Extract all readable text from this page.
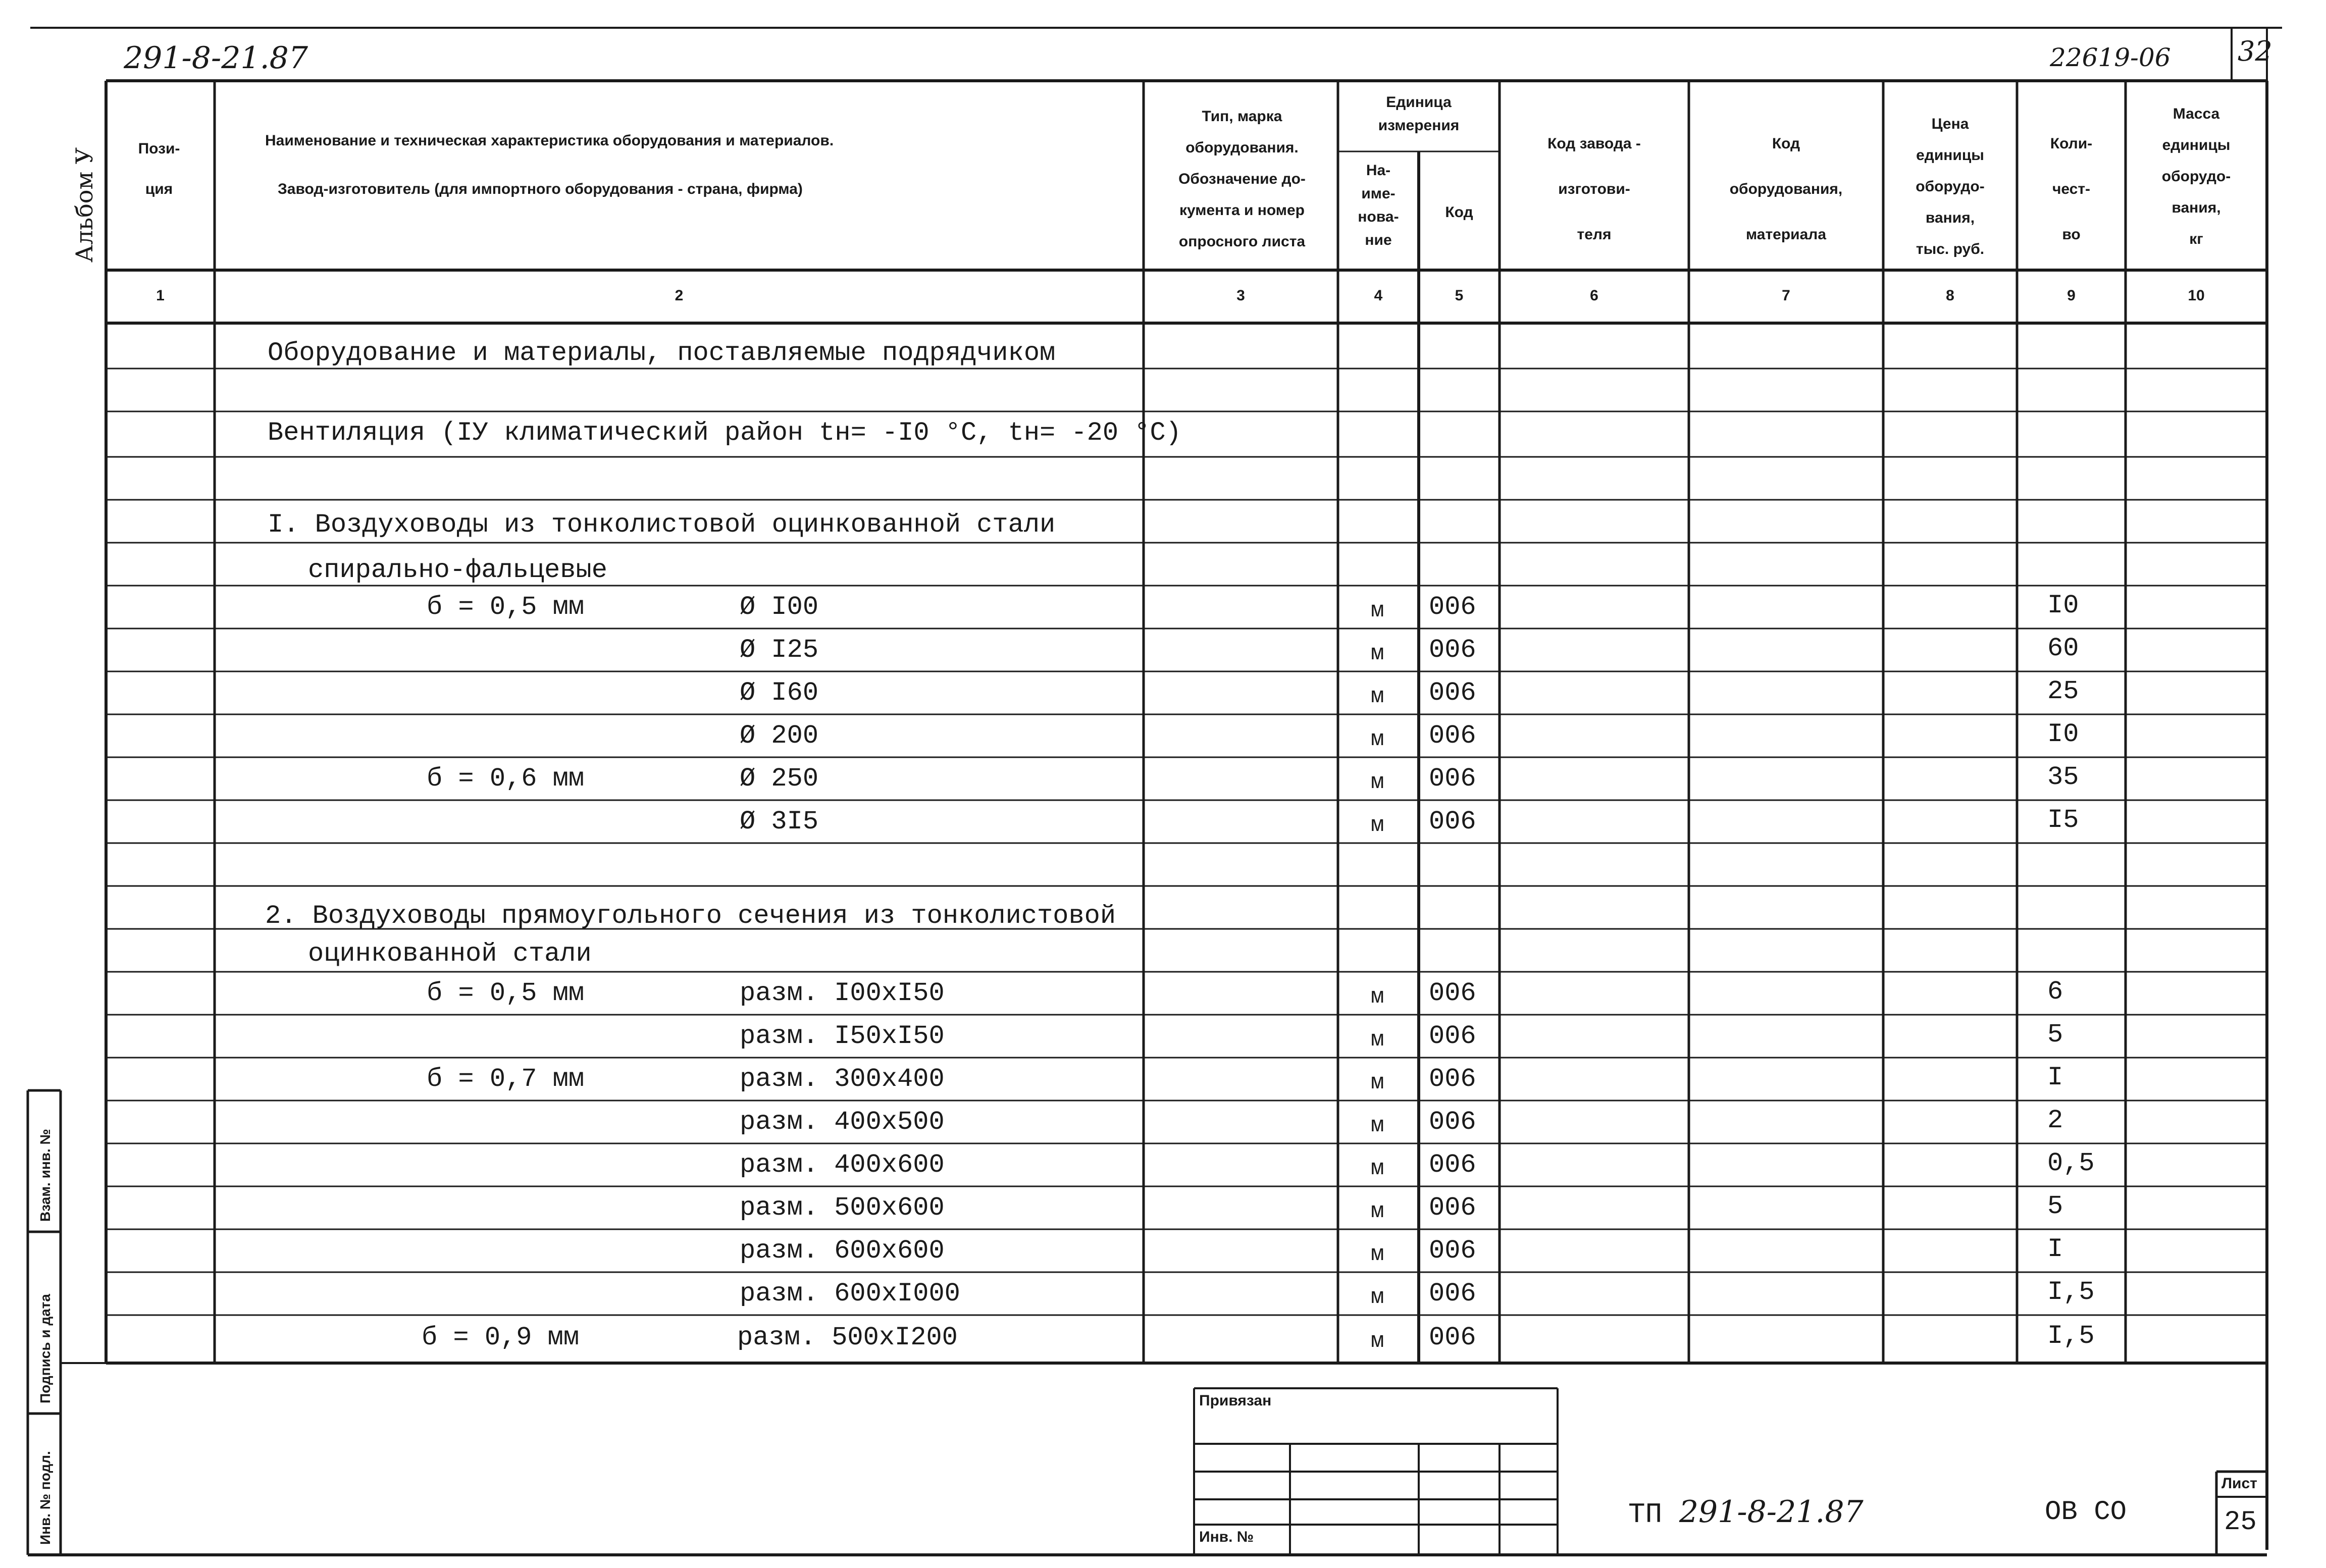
291-8-21.87	22619-06 32
Альбом У
Инв. № подл.
Подпись и дата
Взам. инв. №
Пози-
ция
Наименование и техническая характеристика оборудования и материалов.
Завод-изготовитель (для импортного оборудования - страна, фирма)
Тип, марка
оборудования.
Обозначение до-
кумента и номер
опросного листа
Единица
измерения
На-
име-
нова-
ние
Код
Код завода -
изготови-
теля
Код
оборудования,
материала
Цена
единицы
оборудо-
вания,
тыс. руб.
Коли-
чест-
во
Масса
единицы
оборудо-
вания,
кг
1	2	3	4	5	6	7	8	9	10
Оборудование и материалы, поставляемые подрядчиком
Вентиляция (IУ климатический район tн= -I0 °С, tн= -20 °С)
I. Воздуховоды из тонколистовой оцинкованной стали
спирально-фальцевые
2. Воздуховоды прямоугольного сечения из тонколистовой
оцинкованной стали
б = 0,5 мм	Ø I00	м 006	I0
Ø I25	м 006	60
Ø I60	м 006	25
Ø 200	м 006	I0
б = 0,6 мм	Ø 250	м 006	35
Ø 3I5	м 006	I5
б = 0,5 мм	разм. I00хI50	м 006	6
разм. I50хI50	м 006	5
б = 0,7 мм	разм. 300х400	м 006	I
разм. 400х500	м 006	2
разм. 400х600	м 006	0,5
разм. 500х600	м 006	5
разм. 600х600	м 006	I
разм. 600хI000	м 006	I,5
б = 0,9 мм	разм. 500хI200	м 006	I,5
Привязан
Инв. №
ТП 291-8-21.87	ОВ СО
Лист
25
